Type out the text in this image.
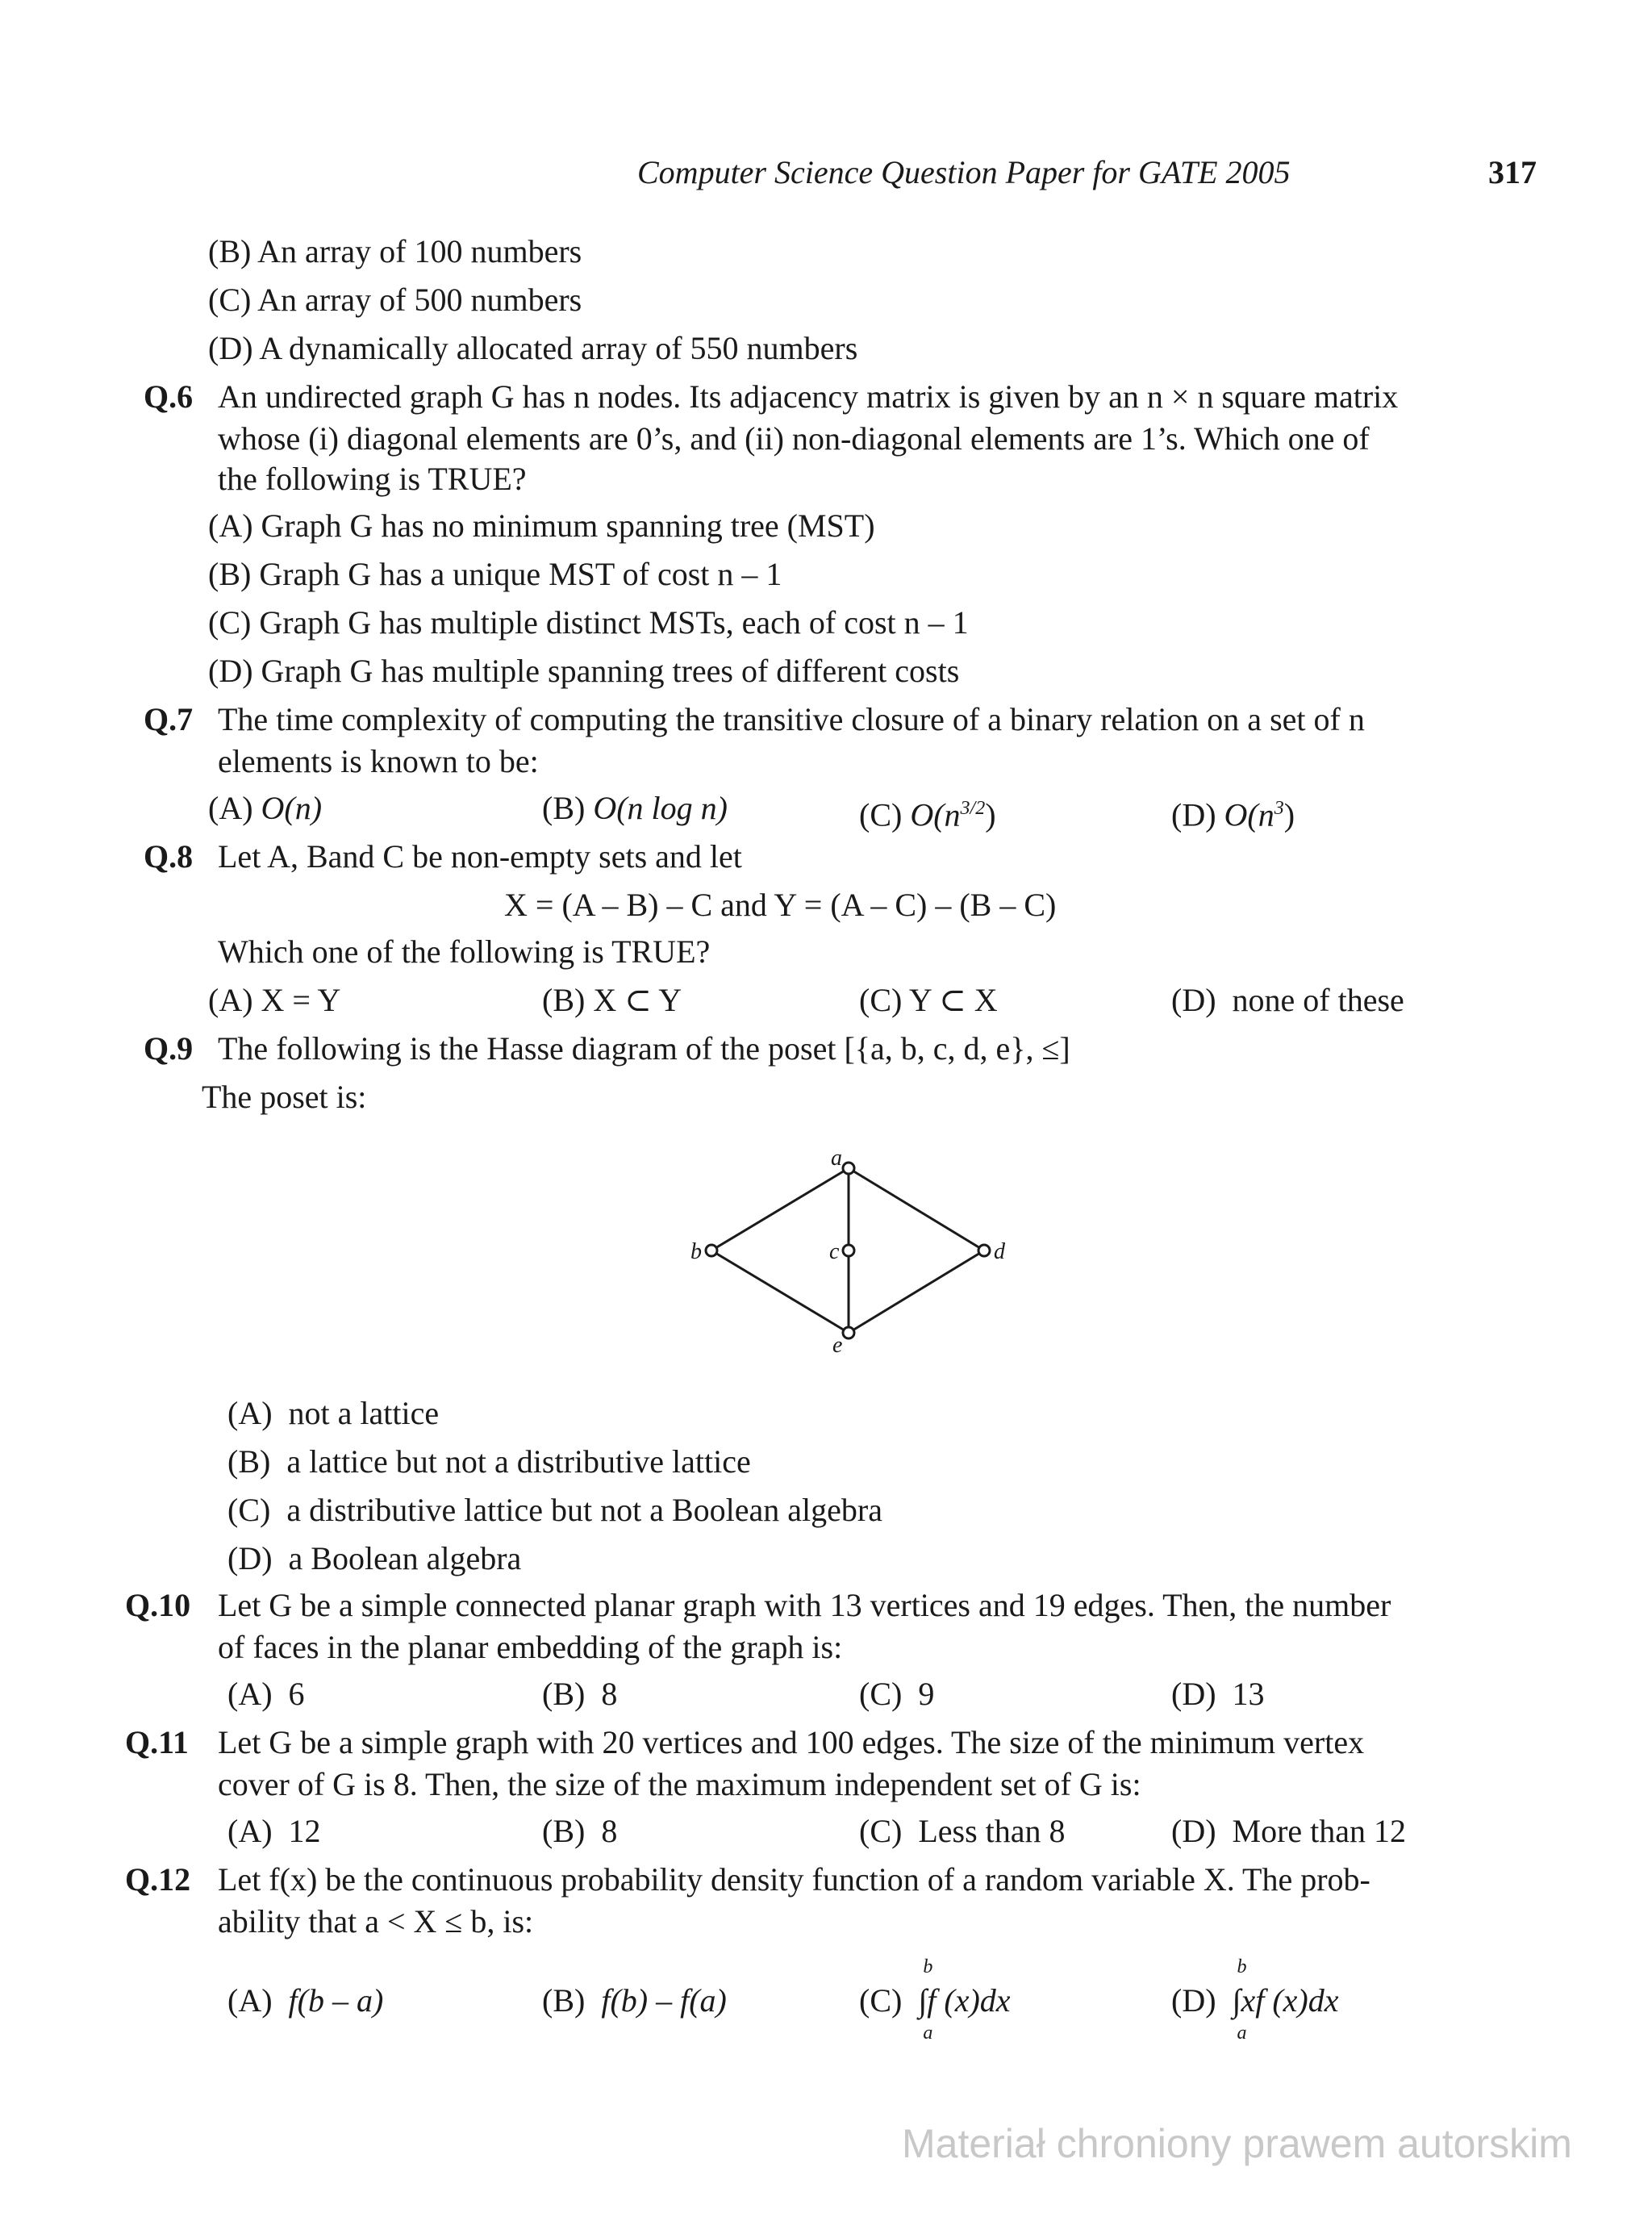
Computer Science Question Paper for GATE 2005	317
(B) An array of 100 numbers
(C) An array of 500 numbers
(D) A dynamically allocated array of 550 numbers
Q.6 An undirected graph G has n nodes. Its adjacency matrix is given by an n × n square matrix
whose (i) diagonal elements are 0’s, and (ii) non-diagonal elements are 1’s. Which one of
the following is TRUE?
(A) Graph G has no minimum spanning tree (MST)
(B) Graph G has a unique MST of cost n – 1
(C) Graph G has multiple distinct MSTs, each of cost n – 1
(D) Graph G has multiple spanning trees of different costs
Q.7 The time complexity of computing the transitive closure of a binary relation on a set of n
elements is known to be:
(A) O(n)	(B) O(n log n)	(C) $O(n^{3/2})$	(D) $O(n^3)$
Q.8 Let A, Band C be non-empty sets and let
X = (A – B) – C and Y = (A – C) – (B – C)
Which one of the following is TRUE?
(A) X = Y	(B) X ⊂ Y	(C) Y ⊂ X	(D) none of these
Q.9 The following is the Hasse diagram of the poset [{a, b, c, d, e}, ≤]
The poset is:
a
b	c	d
e
(A) not a lattice
(B) a lattice but not a distributive lattice
(C) a distributive lattice but not a Boolean algebra
(D) a Boolean algebra
Q.10 Let G be a simple connected planar graph with 13 vertices and 19 edges. Then, the number
of faces in the planar embedding of the graph is:
(A) 6	(B) 8	(C) 9	(D) 13
Q.11 Let G be a simple graph with 20 vertices and 100 edges. The size of the minimum vertex
cover of G is 8. Then, the size of the maximum independent set of G is:
(A) 12	(B) 8	(C) Less than 8	(D) More than 12
Q.12 Let f(x) be the continuous probability density function of a random variable X. The prob-
ability that a < X ≤ b, is:
(A) f(b – a)	(B) f(b) – f(a)	(C)
b
∫f (x)dx
a
(D)
b
∫xf (x)dx
a
Materiał chroniony prawem autorskim
